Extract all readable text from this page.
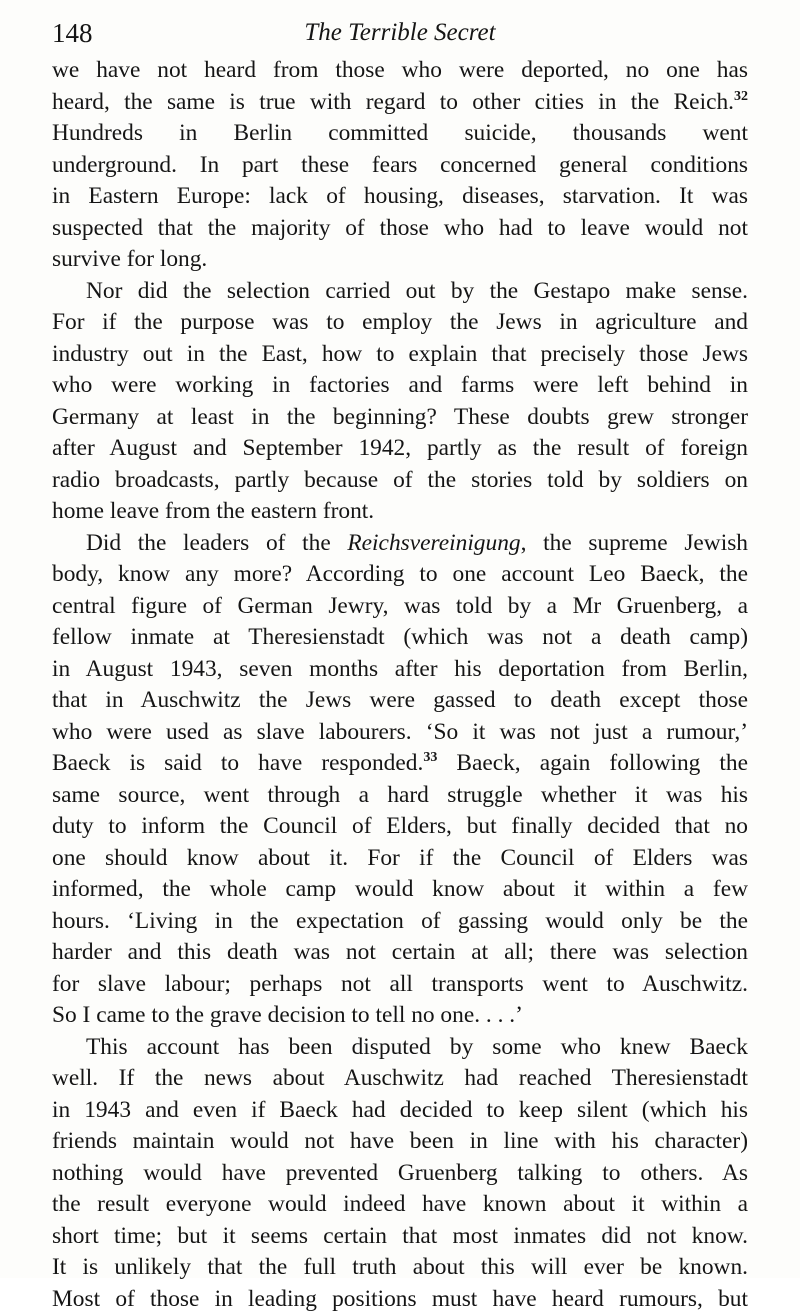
148	The Terrible Secret
we have not heard from those who were deported, no one has
heard, the same is true with regard to other cities in the Reich.$^{32}$
Hundreds in Berlin committed suicide, thousands went
underground. In part these fears concerned general conditions
in Eastern Europe: lack of housing, diseases, starvation. It was
suspected that the majority of those who had to leave would not
survive for long.
Nor did the selection carried out by the Gestapo make sense.
For if the purpose was to employ the Jews in agriculture and
industry out in the East, how to explain that precisely those Jews
who were working in factories and farms were left behind in
Germany at least in the beginning? These doubts grew stronger
after August and September 1942, partly as the result of foreign
radio broadcasts, partly because of the stories told by soldiers on
home leave from the eastern front.
Did the leaders of the Reichsvereinigung, the supreme Jewish
body, know any more? According to one account Leo Baeck, the
central figure of German Jewry, was told by a Mr Gruenberg, a
fellow inmate at Theresienstadt (which was not a death camp)
in August 1943, seven months after his deportation from Berlin,
that in Auschwitz the Jews were gassed to death except those
who were used as slave labourers. ‘So it was not just a rumour,’
Baeck is said to have responded.$^{33}$ Baeck, again following the
same source, went through a hard struggle whether it was his
duty to inform the Council of Elders, but finally decided that no
one should know about it. For if the Council of Elders was
informed, the whole camp would know about it within a few
hours. ‘Living in the expectation of gassing would only be the
harder and this death was not certain at all; there was selection
for slave labour; perhaps not all transports went to Auschwitz.
So I came to the grave decision to tell no one. . . .’
This account has been disputed by some who knew Baeck
well. If the news about Auschwitz had reached Theresienstadt
in 1943 and even if Baeck had decided to keep silent (which his
friends maintain would not have been in line with his character)
nothing would have prevented Gruenberg talking to others. As
the result everyone would indeed have known about it within a
short time; but it seems certain that most inmates did not know.
It is unlikely that the full truth about this will ever be known.
Most of those in leading positions must have heard rumours, but
